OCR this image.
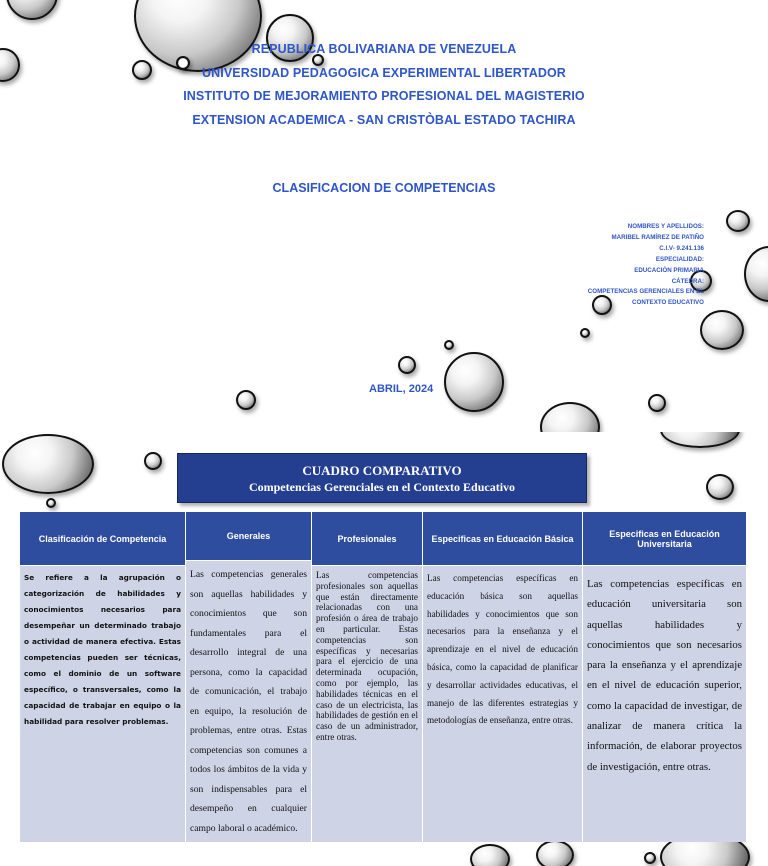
REPUBLICA BOLIVARIANA DE VENEZUELA
UNIVERSIDAD PEDAGOGICA EXPERIMENTAL LIBERTADOR
INSTITUTO DE MEJORAMIENTO PROFESIONAL DEL MAGISTERIO
EXTENSION ACADEMICA - SAN CRISTÒBAL ESTADO TACHIRA
CLASIFICACION DE COMPETENCIAS
NOMBRES Y APELLIDOS:
MARIBEL RAMÍREZ DE PATIÑO
C.I.V- 9.241.136
ESPECIALIDAD:
EDUCACIÓN PRIMARIA
CÁTEDRA:
COMPETENCIAS GERENCIALES EN EL
CONTEXTO EDUCATIVO
ABRIL, 2024
CUADRO COMPARATIVO
Competencias Gerenciales en el Contexto Educativo
Clasificación de Competencia
Se refiere a la agrupación o categorización de habilidades y conocimientos necesarios para desempeñar un determinado trabajo o actividad de manera efectiva. Estas competencias pueden ser técnicas, como el dominio de un software específico, o transversales, como la capacidad de trabajar en equipo o la habilidad para resolver problemas.
Generales
Las competencias generales son aquellas habilidades y conocimientos que son fundamentales para el desarrollo integral de una persona, como la capacidad de comunicación, el trabajo en equipo, la resolución de problemas, entre otras. Estas competencias son comunes a todos los ámbitos de la vida y son indispensables para el desempeño en cualquier campo laboral o académico.
Profesionales
Las competencias profesionales son aquellas que están directamente relacionadas con una profesión o área de trabajo en particular. Estas competencias son específicas y necesarias para el ejercicio de una determinada ocupación, como por ejemplo, las habilidades técnicas en el caso de un electricista, las habilidades de gestión en el caso de un administrador, entre otras.
Especificas en Educación Básica
Las competencias específicas en educación básica son aquellas habilidades y conocimientos que son necesarios para la enseñanza y el aprendizaje en el nivel de educación básica, como la capacidad de planificar y desarrollar actividades educativas, el manejo de las diferentes estrategias y metodologías de enseñanza, entre otras.
Especificas en Educación Universitaria
Las competencias específicas en educación universitaria son aquellas habilidades y conocimientos que son necesarios para la enseñanza y el aprendizaje en el nivel de educación superior, como la capacidad de investigar, de analizar de manera crítica la información, de elaborar proyectos de investigación, entre otras.
